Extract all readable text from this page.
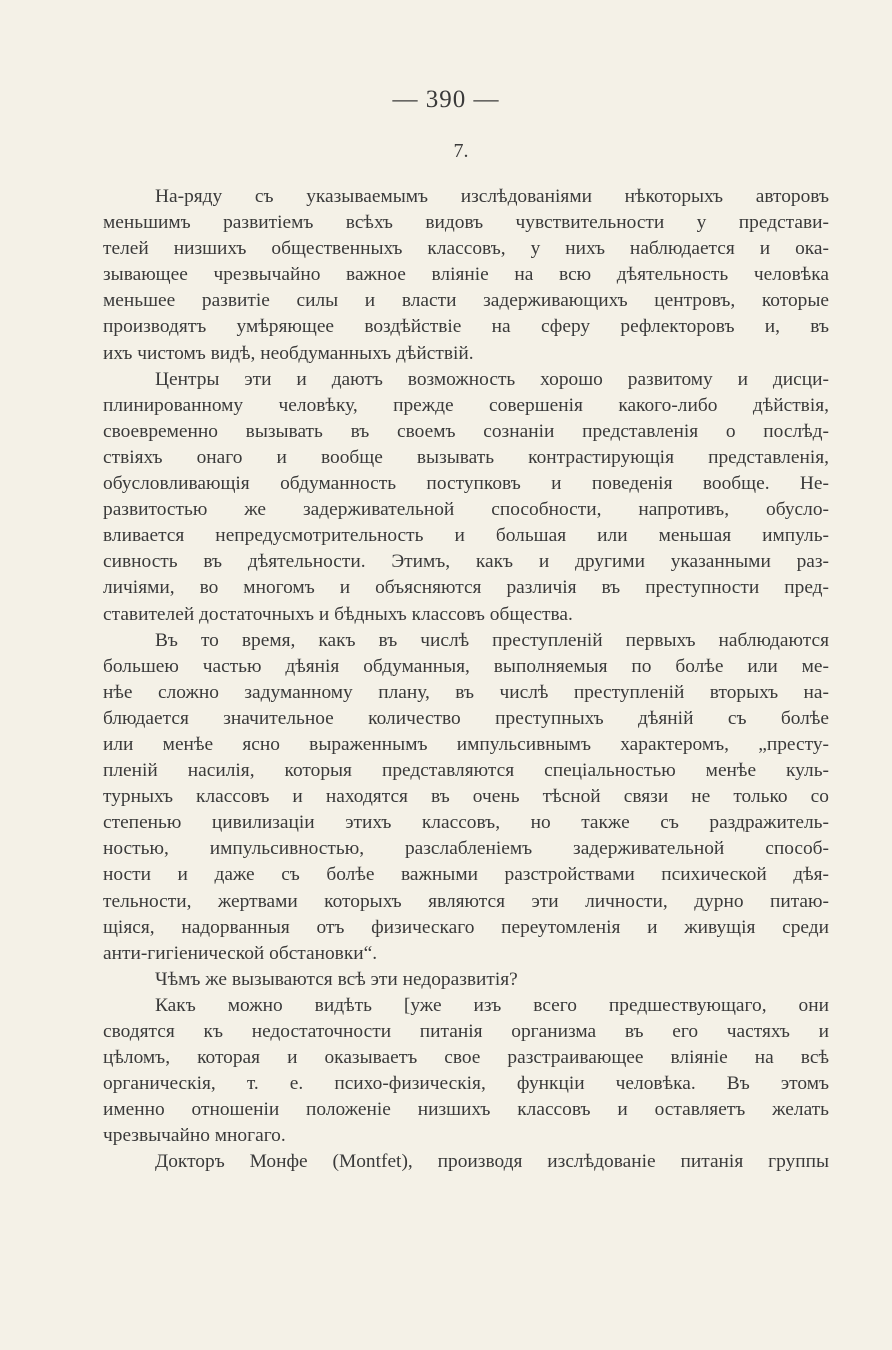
— 390 —
7.
На-ряду съ указываемымъ изслѣдованіями нѣкоторыхъ авторовъ
меньшимъ развитіемъ всѣхъ видовъ чувствительности у представи-
телей низшихъ общественныхъ классовъ, у нихъ наблюдается и ока-
зывающее чрезвычайно важное вліяніе на всю дѣятельность человѣка
меньшее развитіе силы и власти задерживающихъ центровъ, которые
производятъ умѣряющее воздѣйствіе на сферу рефлекторовъ и, въ
ихъ чистомъ видѣ, необдуманныхъ дѣйствій.
Центры эти и даютъ возможность хорошо развитому и дисци-
плинированному человѣку, прежде совершенія какого-либо дѣйствія,
своевременно вызывать въ своемъ сознаніи представленія о послѣд-
ствіяхъ онаго и вообще вызывать контрастирующія представленія,
обусловливающія обдуманность поступковъ и поведенія вообще. Не-
развитостью же задерживательной способности, напротивъ, обусло-
вливается непредусмотрительность и большая или меньшая импуль-
сивность въ дѣятельности. Этимъ, какъ и другими указанными раз-
личіями, во многомъ и объясняются различія въ преступности пред-
ставителей достаточныхъ и бѣдныхъ классовъ общества.
Въ то время, какъ въ числѣ преступленій первыхъ наблюдаются
большею частью дѣянія обдуманныя, выполняемыя по болѣе или ме-
нѣе сложно задуманному плану, въ числѣ преступленій вторыхъ на-
блюдается значительное количество преступныхъ дѣяній съ болѣе
или менѣе ясно выраженнымъ импульсивнымъ характеромъ, „престу-
пленій насилія, которыя представляются спеціальностью менѣе куль-
турныхъ классовъ и находятся въ очень тѣсной связи не только со
степенью цивилизаціи этихъ классовъ, но также съ раздражитель-
ностью, импульсивностью, разслабленіемъ задерживательной способ-
ности и даже съ болѣе важными разстройствами психической дѣя-
тельности, жертвами которыхъ являются эти личности, дурно питаю-
щіяся, надорванныя отъ физическаго переутомленія и живущія среди
анти-гигіенической обстановки“.
Чѣмъ же вызываются всѣ эти недоразвитія?
Какъ можно видѣть [уже изъ всего предшествующаго, они
сводятся къ недостаточности питанія организма въ его частяхъ и
цѣломъ, которая и оказываетъ свое разстраивающее вліяніе на всѣ
органическія, т. е. психо-физическія, функціи человѣка. Въ этомъ
именно отношеніи положеніе низшихъ классовъ и оставляетъ желать
чрезвычайно многаго.
Докторъ Монфе (Montfet), производя изслѣдованіе питанія группы
